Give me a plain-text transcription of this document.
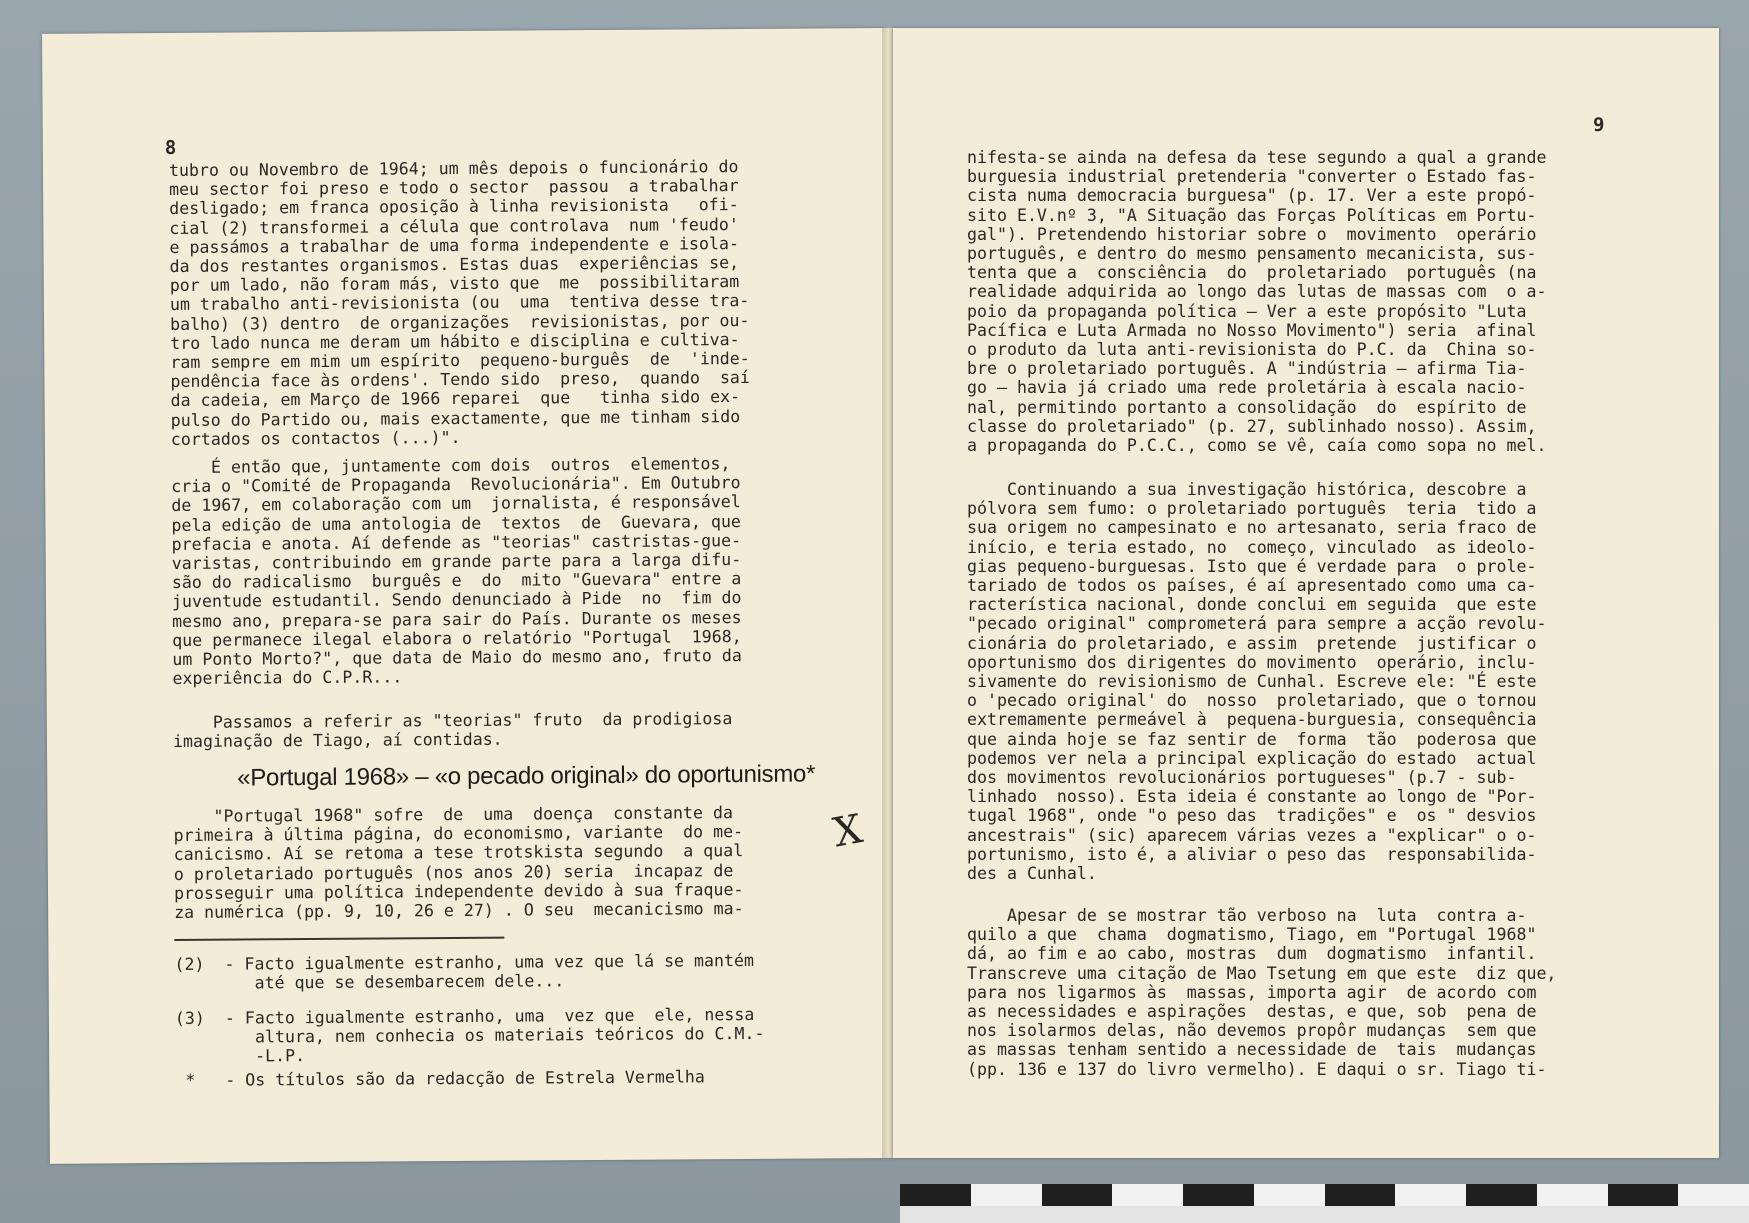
8
tubro ou Novembro de 1964; um mês depois o funcionário do
meu sector foi preso e todo o sector  passou  a trabalhar
desligado; em franca oposição à linha revisionista   ofi-
cial (2) transformei a célula que controlava  num 'feudo'
e passámos a trabalhar de uma forma independente e isola-
da dos restantes organismos. Estas duas  experiências se,
por um lado, não foram más, visto que  me  possibilitaram
um trabalho anti-revisionista (ou  uma  tentiva desse tra-
balho) (3) dentro  de organizações  revisionistas, por ou-
tro lado nunca me deram um hábito e disciplina e cultiva-
ram sempre em mim um espírito  pequeno-burguês  de  'inde-
pendência face às ordens'. Tendo sido  preso,  quando  saí
da cadeia, em Março de 1966 reparei  que   tinha sido ex-
pulso do Partido ou, mais exactamente, que me tinham sido
cortados os contactos (...)".
É então que, juntamente com dois  outros  elementos,
cria o "Comité de Propaganda  Revolucionária". Em Outubro
de 1967, em colaboração com um  jornalista, é responsável
pela edição de uma antologia de  textos  de  Guevara, que
prefacia e anota. Aí defende as "teorias" castristas-gue-
varistas, contribuindo em grande parte para a larga difu-
são do radicalismo  burguês e  do  mito "Guevara" entre a
juventude estudantil. Sendo denunciado à Pide  no  fim do
mesmo ano, prepara-se para sair do País. Durante os meses
que permanece ilegal elabora o relatório "Portugal  1968,
um Ponto Morto?", que data de Maio do mesmo ano, fruto da
experiência do C.P.R...
Passamos a referir as "teorias" fruto  da prodigiosa
imaginação de Tiago, aí contidas.
«Portugal 1968» – «o pecado original» do oportunismo*
"Portugal 1968" sofre  de  uma  doença  constante da
primeira à última página, do economismo, variante  do me-
canicismo. Aí se retoma a tese trotskista segundo  a qual
o proletariado português (nos anos 20) seria  incapaz de
prosseguir uma política independente devido à sua fraque-
za numérica (pp. 9, 10, 26 e 27) . O seu  mecanicismo ma-
(2)  - Facto igualmente estranho, uma vez que lá se mantém
até que se desembarecem dele...
(3)  - Facto igualmente estranho, uma  vez que  ele, nessa
altura, nem conhecia os materiais teóricos do C.M.-
-L.P.
*   - Os títulos são da redacção de Estrela Vermelha
X
9
nifesta-se ainda na defesa da tese segundo a qual a grande
burguesia industrial pretenderia "converter o Estado fas-
cista numa democracia burguesa" (p. 17. Ver a este propó-
sito E.V.nº 3, "A Situação das Forças Políticas em Portu-
gal"). Pretendendo historiar sobre o  movimento  operário
português, e dentro do mesmo pensamento mecanicista, sus-
tenta que a  consciência  do  proletariado  português (na
realidade adquirida ao longo das lutas de massas com  o a-
poio da propaganda política — Ver a este propósito "Luta
Pacífica e Luta Armada no Nosso Movimento") seria  afinal
o produto da luta anti-revisionista do P.C. da  China so-
bre o proletariado português. A "indústria — afirma Tia-
go — havia já criado uma rede proletária à escala nacio-
nal, permitindo portanto a consolidação  do  espírito de
classe do proletariado" (p. 27, sublinhado nosso). Assim,
a propaganda do P.C.C., como se vê, caía como sopa no mel.
Continuando a sua investigação histórica, descobre a
pólvora sem fumo: o proletariado português  teria  tido a
sua origem no campesinato e no artesanato, seria fraco de
início, e teria estado, no  começo, vinculado  as ideolo-
gias pequeno-burguesas. Isto que é verdade para  o prole-
tariado de todos os países, é aí apresentado como uma ca-
racterística nacional, donde conclui em seguida  que este
"pecado original" comprometerá para sempre a acção revolu-
cionária do proletariado, e assim  pretende  justificar o
oportunismo dos dirigentes do movimento  operário, inclu-
sivamente do revisionismo de Cunhal. Escreve ele: "É este
o 'pecado original' do  nosso  proletariado, que o tornou
extremamente permeável à  pequena-burguesia, consequência
que ainda hoje se faz sentir de  forma  tão  poderosa que
podemos ver nela a principal explicação do estado  actual
dos movimentos revolucionários portugueses" (p.7 - sub-
linhado  nosso). Esta ideia é constante ao longo de "Por-
tugal 1968", onde "o peso das  tradições" e  os " desvios
ancestrais" (sic) aparecem várias vezes a "explicar" o o-
portunismo, isto é, a aliviar o peso das  responsabilida-
des a Cunhal.
Apesar de se mostrar tão verboso na  luta  contra a-
quilo a que  chama  dogmatismo, Tiago, em "Portugal 1968"
dá, ao fim e ao cabo, mostras  dum  dogmatismo  infantil.
Transcreve uma citação de Mao Tsetung em que este  diz que,
para nos ligarmos às  massas, importa agir  de acordo com
as necessidades e aspirações  destas, e que, sob  pena de
nos isolarmos delas, não devemos propôr mudanças  sem que
as massas tenham sentido a necessidade de  tais  mudanças
(pp. 136 e 137 do livro vermelho). E daqui o sr. Tiago ti-
